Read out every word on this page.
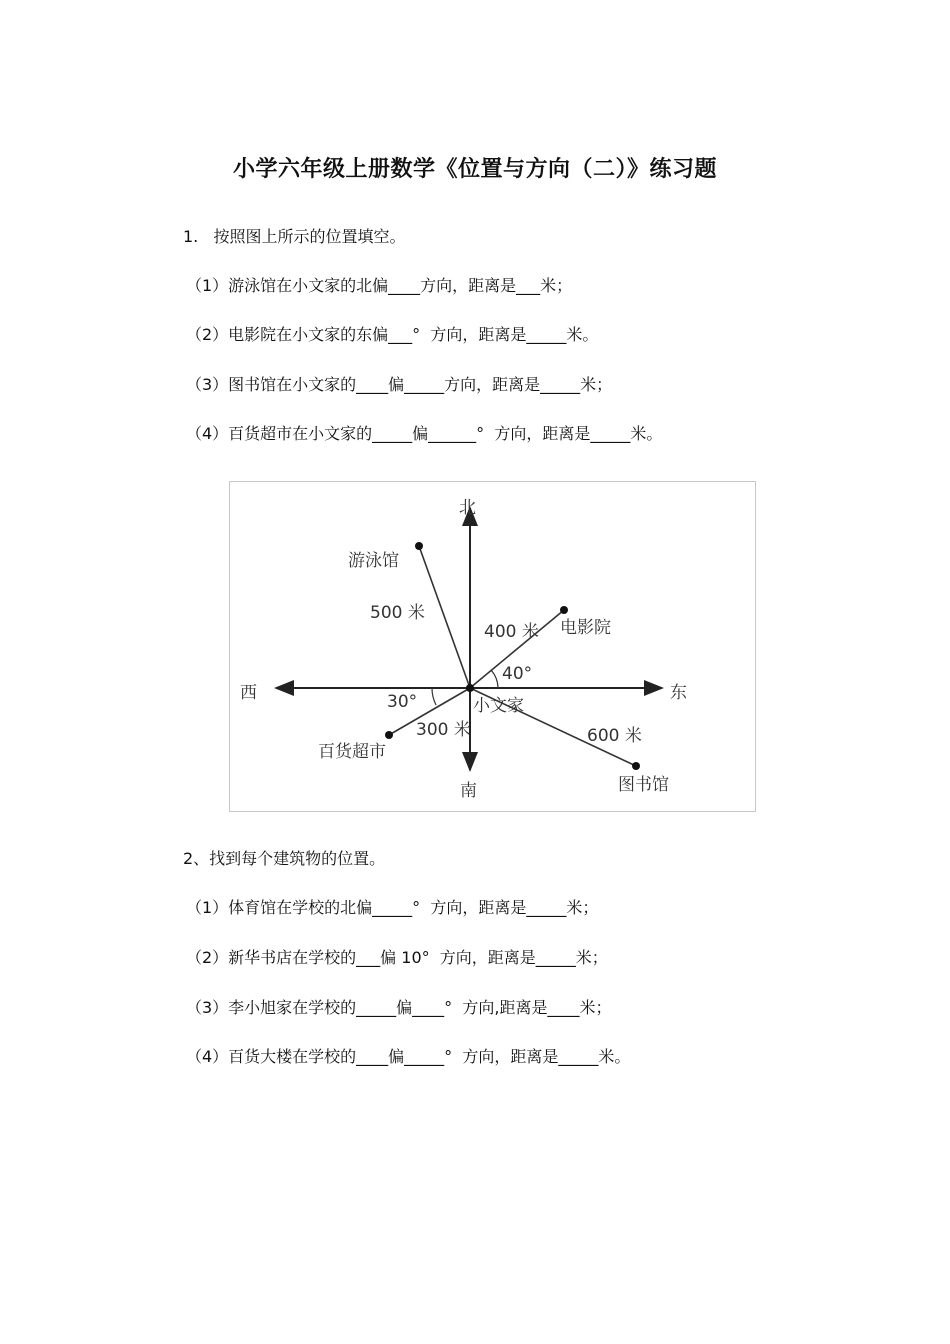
小学六年级上册数学《位置与方向（二）》练习题
1.   按照图上所示的位置填空。
（1）游泳馆在小文家的北偏____方向，距离是___米；
（2）电影院在小文家的东偏___°  方向，距离是_____米。
（3）图书馆在小文家的____偏_____方向，距离是_____米；
（4）百货超市在小文家的_____偏______°  方向，距离是_____米。
北
南
东
西
游泳馆
500 米
400 米 电影院
40°
小文家
30°
300 米
百货超市
600 米
图书馆
2、找到每个建筑物的位置。
（1）体育馆在学校的北偏_____°  方向，距离是_____米；
（2）新华书店在学校的___偏 10°  方向，距离是_____米；
（3）李小旭家在学校的_____偏____°  方向,距离是____米；
（4）百货大楼在学校的____偏_____°  方向，距离是_____米。
